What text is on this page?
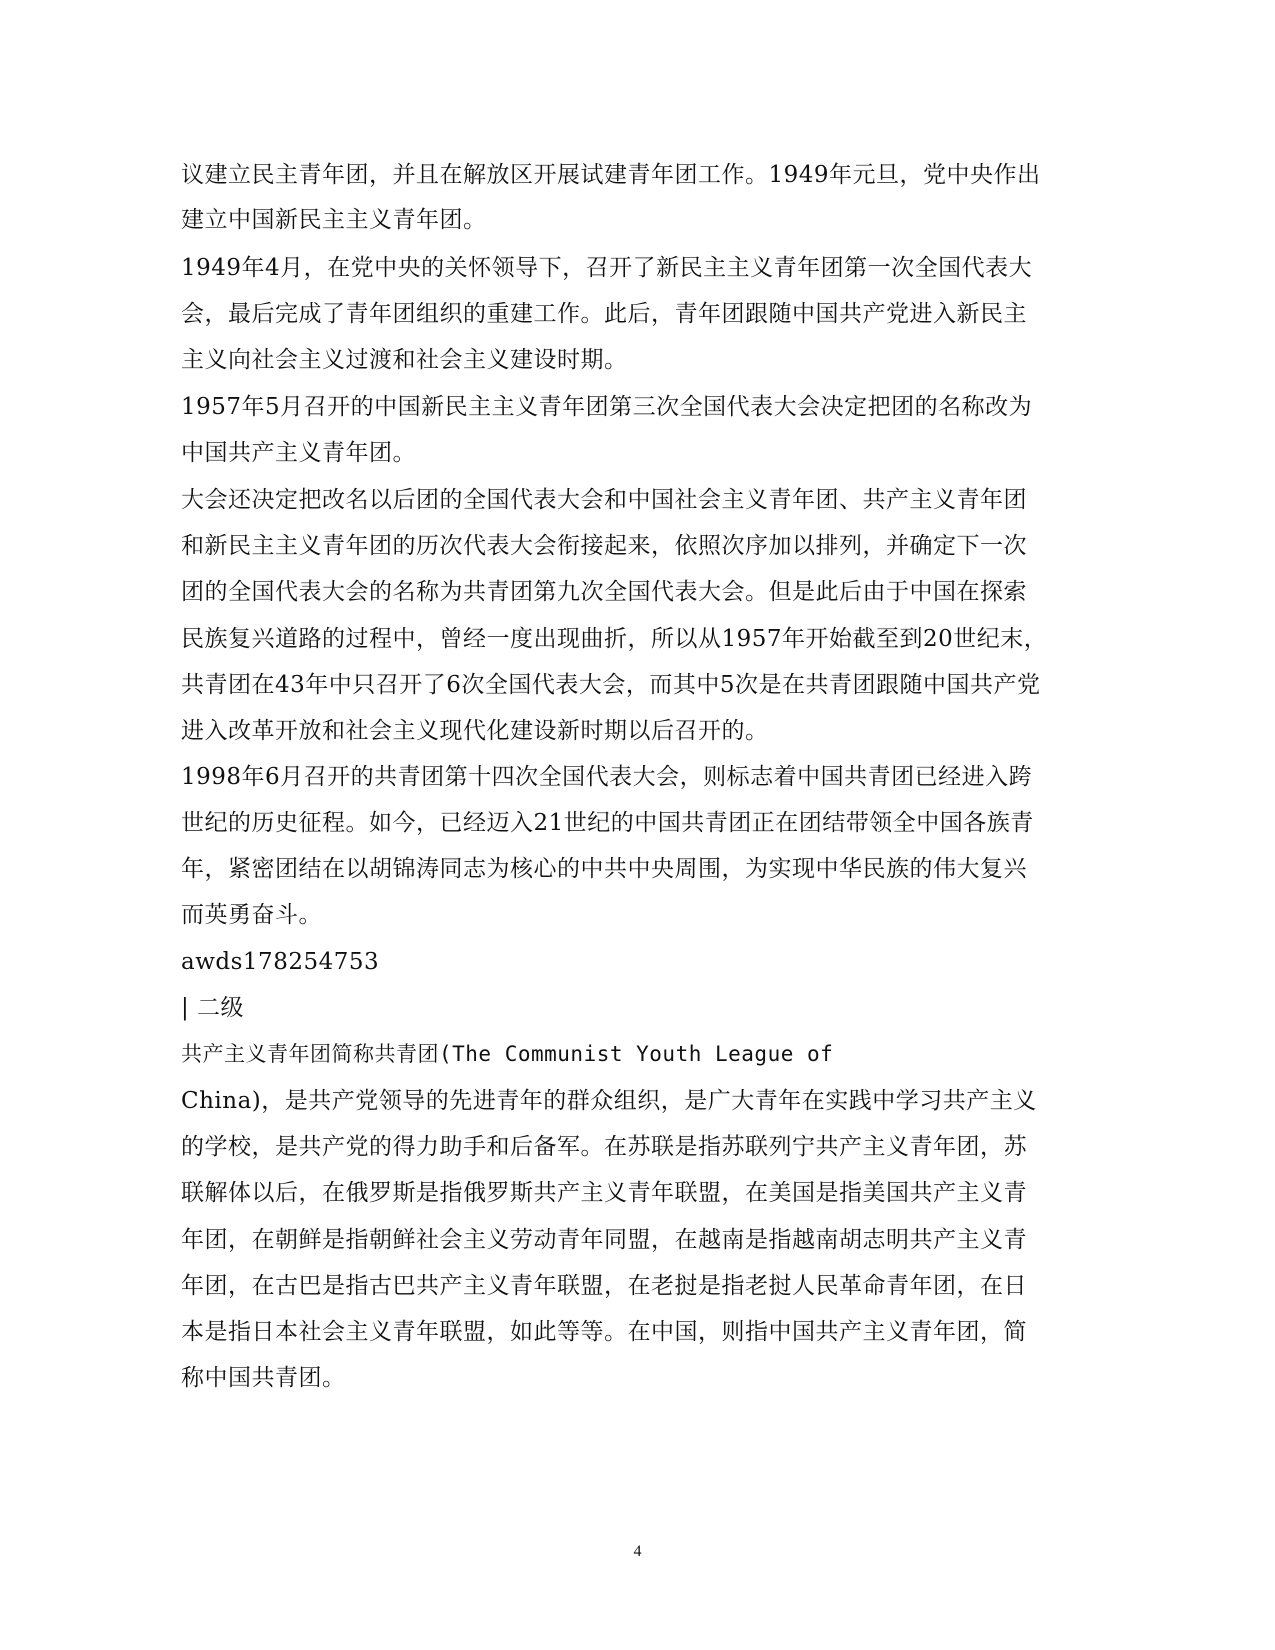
议建立民主青年团，并且在解放区开展试建青年团工作。1949年元旦，党中央作出
建立中国新民主主义青年团。
1949年4月，在党中央的关怀领导下，召开了新民主主义青年团第一次全国代表大
会，最后完成了青年团组织的重建工作。此后，青年团跟随中国共产党进入新民主
主义向社会主义过渡和社会主义建设时期。
1957年5月召开的中国新民主主义青年团第三次全国代表大会决定把团的名称改为
中国共产主义青年团。
大会还决定把改名以后团的全国代表大会和中国社会主义青年团、共产主义青年团
和新民主主义青年团的历次代表大会衔接起来，依照次序加以排列，并确定下一次
团的全国代表大会的名称为共青团第九次全国代表大会。但是此后由于中国在探索
民族复兴道路的过程中，曾经一度出现曲折，所以从1957年开始截至到20世纪末，
共青团在43年中只召开了6次全国代表大会，而其中5次是在共青团跟随中国共产党
进入改革开放和社会主义现代化建设新时期以后召开的。
1998年6月召开的共青团第十四次全国代表大会，则标志着中国共青团已经进入跨
世纪的历史征程。如今，已经迈入21世纪的中国共青团正在团结带领全中国各族青
年，紧密团结在以胡锦涛同志为核心的中共中央周围，为实现中华民族的伟大复兴
而英勇奋斗。
awds178254753
| 二级
共产主义青年团简称共青团(The Communist Youth League of
China)，是共产党领导的先进青年的群众组织，是广大青年在实践中学习共产主义
的学校，是共产党的得力助手和后备军。在苏联是指苏联列宁共产主义青年团，苏
联解体以后，在俄罗斯是指俄罗斯共产主义青年联盟，在美国是指美国共产主义青
年团，在朝鲜是指朝鲜社会主义劳动青年同盟，在越南是指越南胡志明共产主义青
年团，在古巴是指古巴共产主义青年联盟，在老挝是指老挝人民革命青年团，在日
本是指日本社会主义青年联盟，如此等等。在中国，则指中国共产主义青年团，简
称中国共青团。
4
